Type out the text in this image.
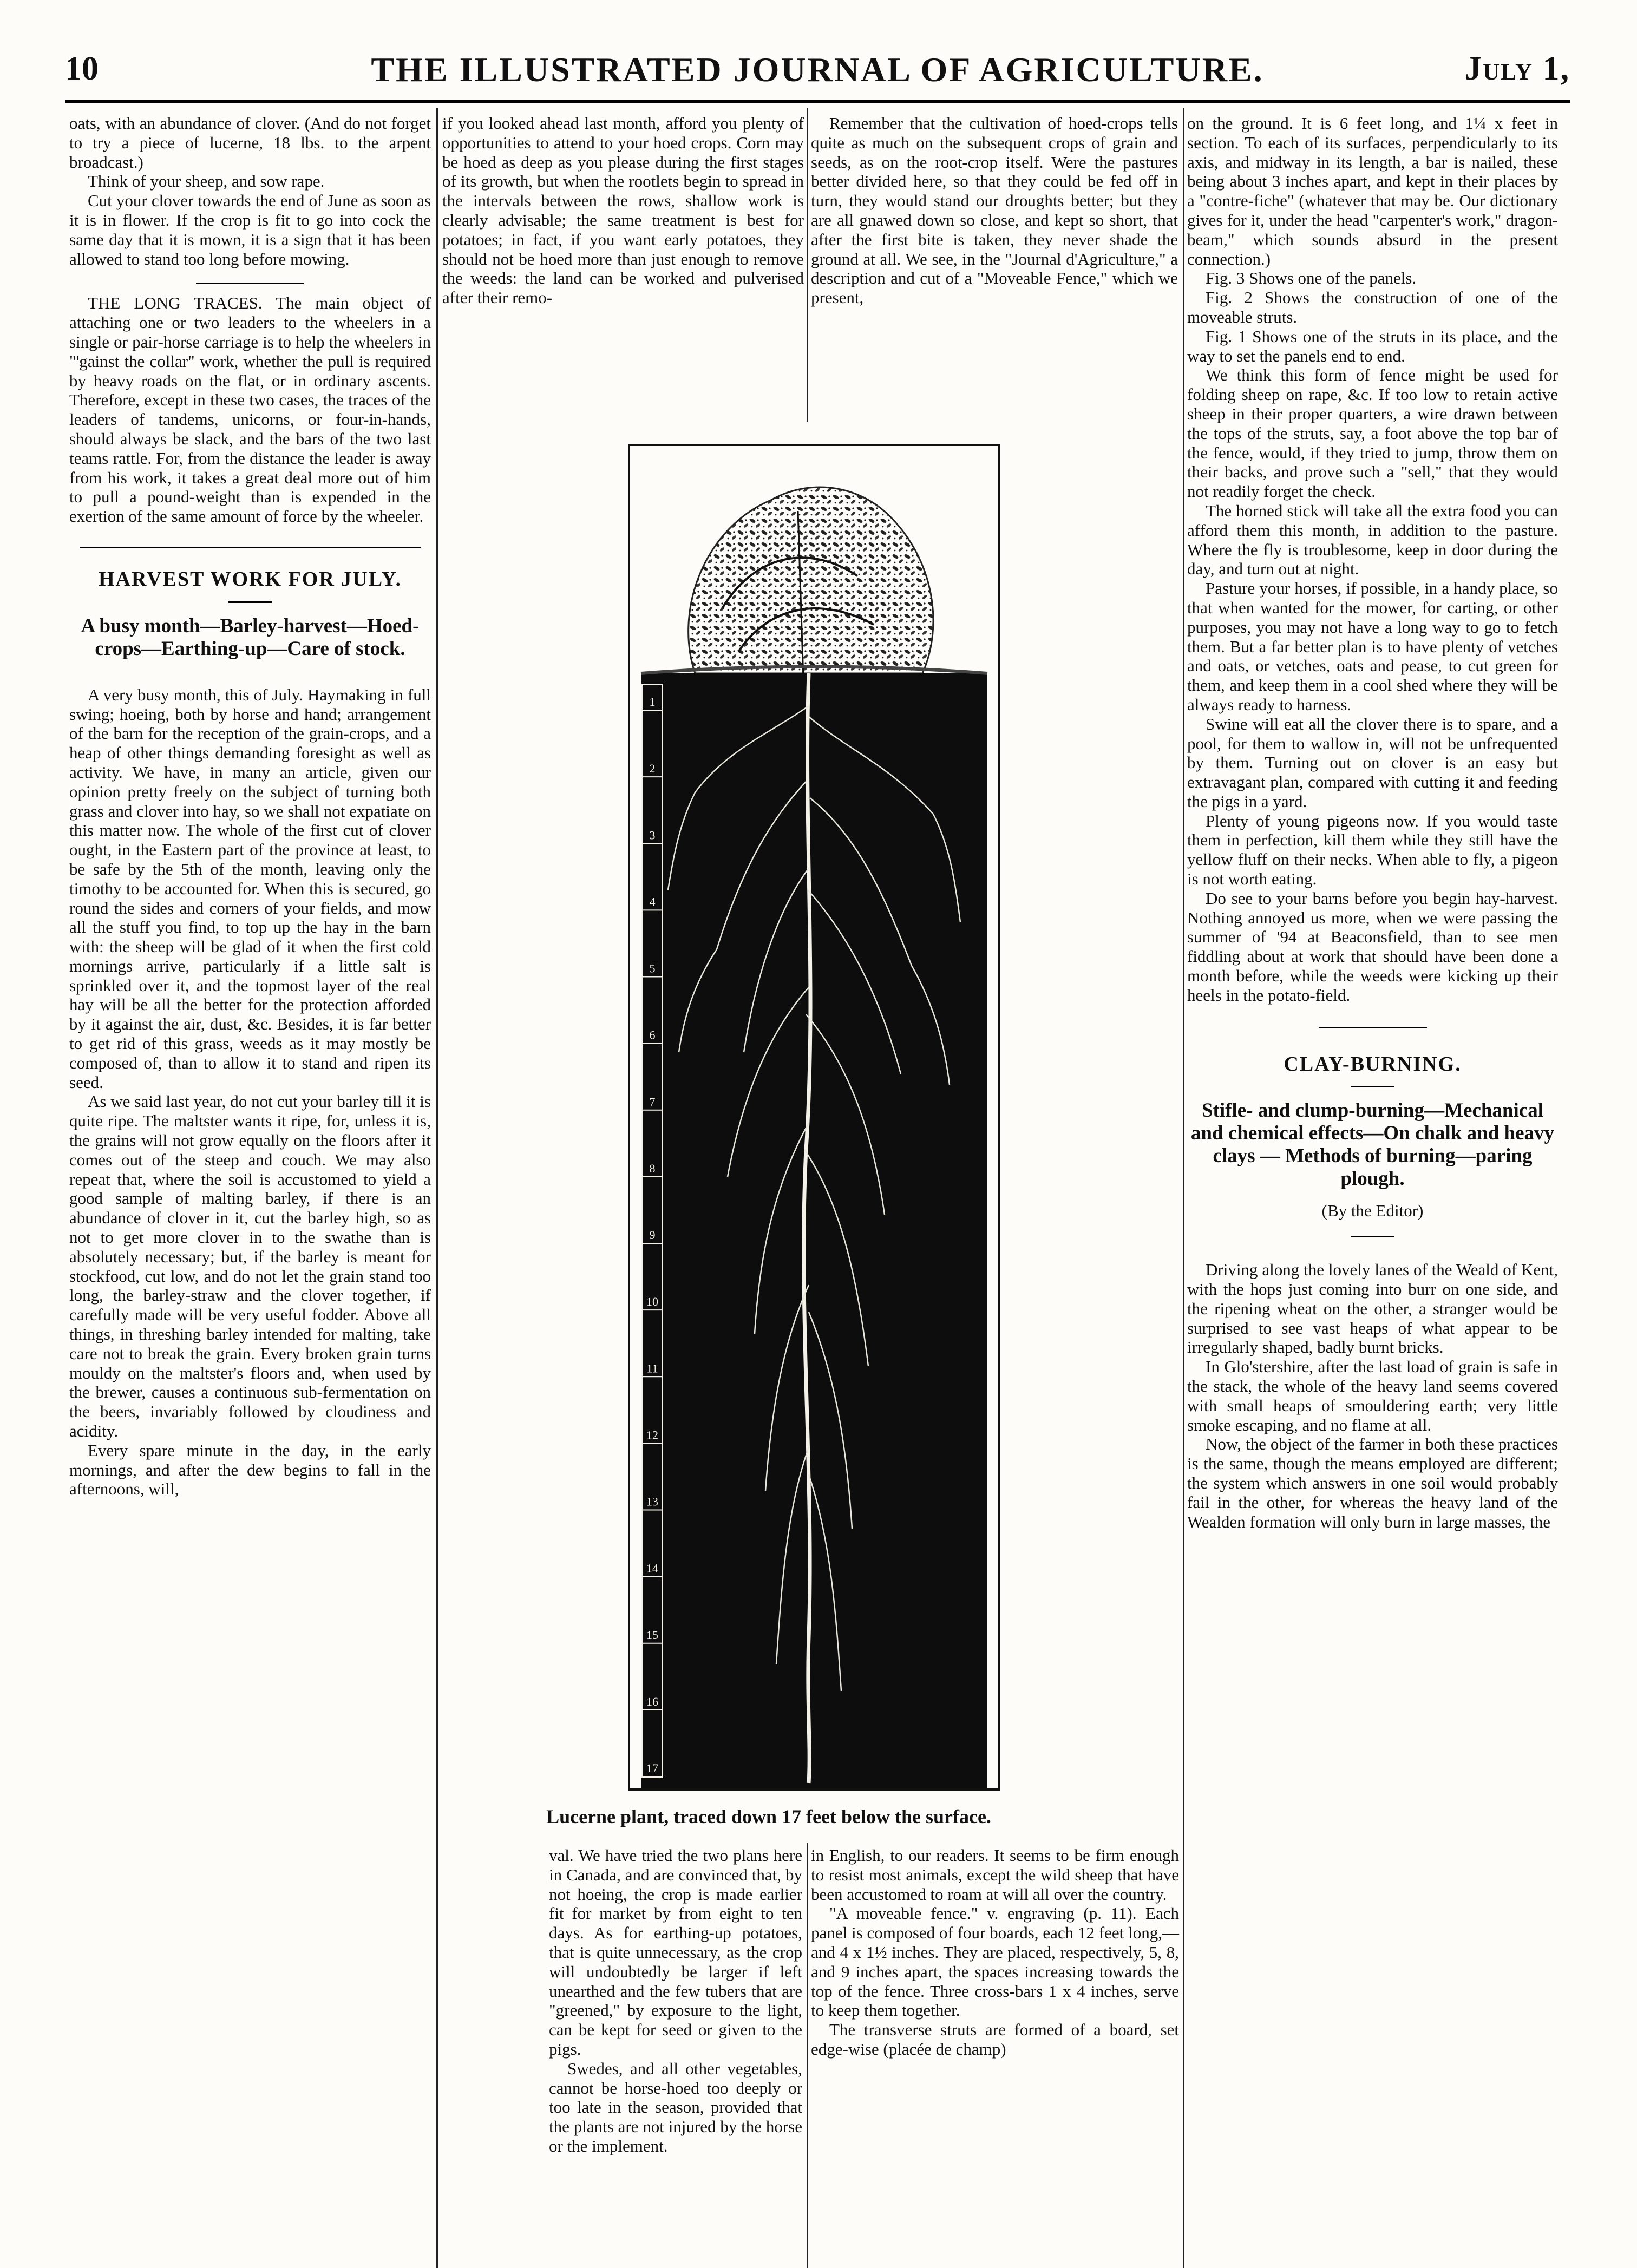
10	THE ILLUSTRATED JOURNAL OF AGRICULTURE.	July 1,

oats, with an abundance of clover. (And do not forget to try a piece of lucerne, 18 lbs. to the arpent broadcast.)

Think of your sheep, and sow rape.

Cut your clover towards the end of June as soon as it is in flower. If the crop is fit to go into cock the same day that it is mown, it is a sign that it has been allowed to stand too long before mowing.

THE LONG TRACES. The main object of attaching one or two leaders to the wheelers in a single or pair-horse carriage is to help the wheelers in "'gainst the collar" work, whether the pull is required by heavy roads on the flat, or in ordinary ascents. Therefore, except in these two cases, the traces of the leaders of tandems, unicorns, or four-in-hands, should always be slack, and the bars of the two last teams rattle. For, from the distance the leader is away from his work, it takes a great deal more out of him to pull a pound-weight than is expended in the exertion of the same amount of force by the wheeler.

HARVEST WORK FOR JULY.
A busy month—Barley-harvest—Hoed-crops—Earthing-up—Care of stock.

A very busy month, this of July. Haymaking in full swing; hoeing, both by horse and hand; arrangement of the barn for the reception of the grain-crops, and a heap of other things demanding foresight as well as activity. We have, in many an article, given our opinion pretty freely on the subject of turning both grass and clover into hay, so we shall not expatiate on this matter now. The whole of the first cut of clover ought, in the Eastern part of the province at least, to be safe by the 5th of the month, leaving only the timothy to be accounted for. When this is secured, go round the sides and corners of your fields, and mow all the stuff you find, to top up the hay in the barn with: the sheep will be glad of it when the first cold mornings arrive, particularly if a little salt is sprinkled over it, and the topmost layer of the real hay will be all the better for the protection afforded by it against the air, dust, &c. Besides, it is far better to get rid of this grass, weeds as it may mostly be composed of, than to allow it to stand and ripen its seed.

As we said last year, do not cut your barley till it is quite ripe. The maltster wants it ripe, for, unless it is, the grains will not grow equally on the floors after it comes out of the steep and couch. We may also repeat that, where the soil is accustomed to yield a good sample of malting barley, if there is an abundance of clover in it, cut the barley high, so as not to get more clover in to the swathe than is absolutely necessary; but, if the barley is meant for stockfood, cut low, and do not let the grain stand too long, the barley-straw and the clover together, if carefully made will be very useful fodder. Above all things, in threshing barley intended for malting, take care not to break the grain. Every broken grain turns mouldy on the maltster's floors and, when used by the brewer, causes a continuous sub-fermentation on the beers, invariably followed by cloudiness and acidity.

Every spare minute in the day, in the early mornings, and after the dew begins to fall in the afternoons, will,

if you looked ahead last month, afford you plenty of opportunities to attend to your hoed crops. Corn may be hoed as deep as you please during the first stages of its growth, but when the rootlets begin to spread in the intervals between the rows, shallow work is clearly advisable; the same treatment is best for potatoes; in fact, if you want early potatoes, they should not be hoed more than just enough to remove the weeds: the land can be worked and pulverised after their remo-

Remember that the cultivation of hoed-crops tells quite as much on the subsequent crops of grain and seeds, as on the root-crop itself. Were the pastures better divided here, so that they could be fed off in turn, they would stand our droughts better; but they are all gnawed down so close, and kept so short, that after the first bite is taken, they never shade the ground at all. We see, in the "Journal d'Agriculture," a description and cut of a "Moveable Fence," which we present,

1
2
3
4
5
6
7
8
9
10
11
12
13
14
15
16
17
Lucerne plant, traced down 17 feet below the surface.

val. We have tried the two plans here in Canada, and are convinced that, by not hoeing, the crop is made earlier fit for market by from eight to ten days. As for earthing-up potatoes, that is quite unnecessary, as the crop will undoubtedly be larger if left unearthed and the few tubers that are "greened," by exposure to the light, can be kept for seed or given to the pigs.

Swedes, and all other vegetables, cannot be horse-hoed too deeply or too late in the season, provided that the plants are not injured by the horse or the implement.

in English, to our readers. It seems to be firm enough to resist most animals, except the wild sheep that have been accustomed to roam at will all over the country.

"A moveable fence." v. engraving (p. 11). Each panel is composed of four boards, each 12 feet long,—and 4 x 1½ inches. They are placed, respectively, 5, 8, and 9 inches apart, the spaces increasing towards the top of the fence. Three cross-bars 1 x 4 inches, serve to keep them together.

The transverse struts are formed of a board, set edge-wise (placée de champ)

on the ground. It is 6 feet long, and 1¼ x feet in section. To each of its surfaces, perpendicularly to its axis, and midway in its length, a bar is nailed, these being about 3 inches apart, and kept in their places by a "contre-fiche" (whatever that may be. Our dictionary gives for it, under the head "carpenter's work," dragon-beam," which sounds absurd in the present connection.)

Fig. 3 Shows one of the panels.

Fig. 2 Shows the construction of one of the moveable struts.

Fig. 1 Shows one of the struts in its place, and the way to set the panels end to end.

We think this form of fence might be used for folding sheep on rape, &c. If too low to retain active sheep in their proper quarters, a wire drawn between the tops of the struts, say, a foot above the top bar of the fence, would, if they tried to jump, throw them on their backs, and prove such a "sell," that they would not readily forget the check.

The horned stick will take all the extra food you can afford them this month, in addition to the pasture. Where the fly is troublesome, keep in door during the day, and turn out at night.

Pasture your horses, if possible, in a handy place, so that when wanted for the mower, for carting, or other purposes, you may not have a long way to go to fetch them. But a far better plan is to have plenty of vetches and oats, or vetches, oats and pease, to cut green for them, and keep them in a cool shed where they will be always ready to harness.

Swine will eat all the clover there is to spare, and a pool, for them to wallow in, will not be unfrequented by them. Turning out on clover is an easy but extravagant plan, compared with cutting it and feeding the pigs in a yard.

Plenty of young pigeons now. If you would taste them in perfection, kill them while they still have the yellow fluff on their necks. When able to fly, a pigeon is not worth eating.

Do see to your barns before you begin hay-harvest. Nothing annoyed us more, when we were passing the summer of '94 at Beaconsfield, than to see men fiddling about at work that should have been done a month before, while the weeds were kicking up their heels in the potato-field.

CLAY-BURNING.
Stifle- and clump-burning—Mechanical and chemical effects—On chalk and heavy clays — Methods of burning—paring plough.
(By the Editor)

Driving along the lovely lanes of the Weald of Kent, with the hops just coming into burr on one side, and the ripening wheat on the other, a stranger would be surprised to see vast heaps of what appear to be irregularly shaped, badly burnt bricks.

In Glo'stershire, after the last load of grain is safe in the stack, the whole of the heavy land seems covered with small heaps of smouldering earth; very little smoke escaping, and no flame at all.

Now, the object of the farmer in both these practices is the same, though the means employed are different; the system which answers in one soil would probably fail in the other, for whereas the heavy land of the Wealden formation will only burn in large masses, the
